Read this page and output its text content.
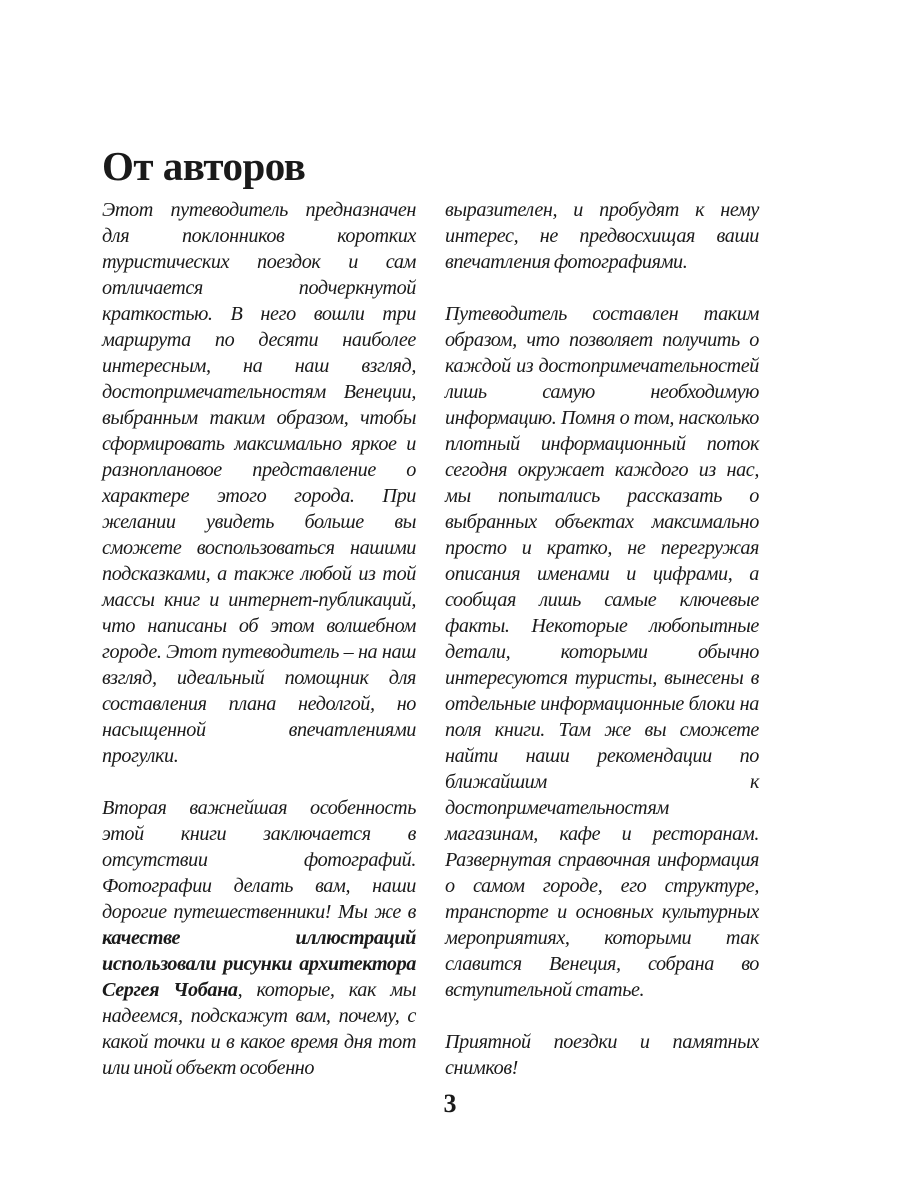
От авторов

Этот путеводитель предназначен для поклонников коротких туристических поездок и сам отличается подчеркнутой краткостью. В него вошли три маршрута по десяти наиболее интересным, на наш взгляд, достопримечательностям Венеции, выбранным таким образом, чтобы сформировать максимально яркое и разноплановое представление о характере этого города. При желании увидеть больше вы сможете воспользоваться нашими подсказками, а также любой из той массы книг и интернет-публикаций, что написаны об этом волшебном городе. Этот путеводитель – на наш взгляд, идеальный помощник для составления плана недолгой, но насыщенной впечатлениями прогулки.

Вторая важнейшая особенность этой книги заключается в отсутствии фотографий. Фотографии делать вам, наши дорогие путешественники! Мы же в качестве иллюстраций использовали рисунки архитектора Сергея Чобана, которые, как мы надеемся, подскажут вам, почему, с какой точки и в какое время дня тот или иной объект особенно

выразителен, и пробудят к нему интерес, не предвосхищая ваши впечатления фотографиями.

Путеводитель составлен таким образом, что позволяет получить о каждой из достопримечательностей лишь самую необходимую информацию. Помня о том, насколько плотный информационный поток сегодня окружает каждого из нас, мы попытались рассказать о выбранных объектах максимально просто и кратко, не перегружая описания именами и цифрами, а сообщая лишь самые ключевые факты. Некоторые любопытные детали, которыми обычно интересуются туристы, вынесены в отдельные информационные блоки на поля книги. Там же вы сможете найти наши рекомендации по ближайшим к достопримечательностям магазинам, кафе и ресторанам. Развернутая справочная информация о самом городе, его структуре, транспорте и основных культурных мероприятиях, которыми так славится Венеция, собрана во вступительной статье.

Приятной поездки и памятных снимков!

3
